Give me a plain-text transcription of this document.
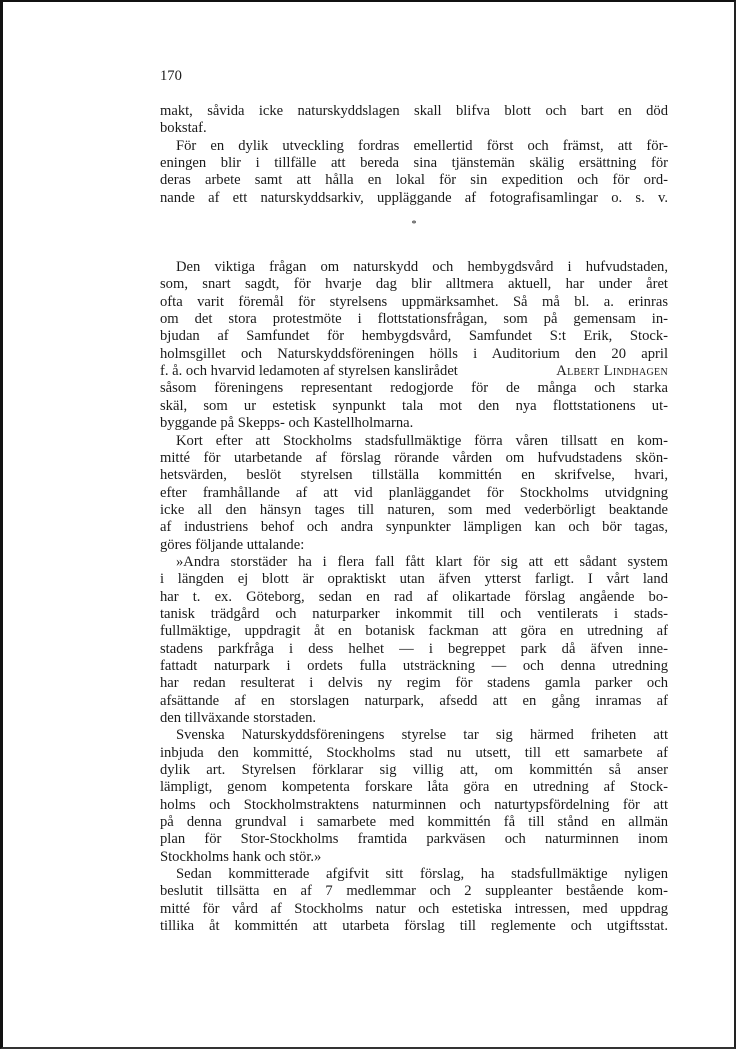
170
makt, såvida icke naturskyddslagen skall blifva blott och bart en död
bokstaf.
För en dylik utveckling fordras emellertid först och främst, att för-
eningen blir i tillfälle att bereda sina tjänstemän skälig ersättning för
deras arbete samt att hålla en lokal för sin expedition och för ord-
nande af ett naturskyddsarkiv, uppläggande af fotografisamlingar o. s. v.
*
Den viktiga frågan om naturskydd och hembygdsvård i hufvudstaden,
som, snart sagdt, för hvarje dag blir alltmera aktuell, har under året
ofta varit föremål för styrelsens uppmärksamhet. Så må bl. a. erinras
om det stora protestmöte i flottstationsfrågan, som på gemensam in-
bjudan af Samfundet för hembygdsvård, Samfundet S:t Erik, Stock-
holmsgillet och Naturskyddsföreningen hölls i Auditorium den 20 april
f. å. och hvarvid ledamoten af styrelsen kanslirådet	Albert Lindhagen
såsom föreningens representant redogjorde för de många och starka
skäl, som ur estetisk synpunkt tala mot den nya flottstationens ut-
byggande på Skepps- och Kastellholmarna.
Kort efter att Stockholms stadsfullmäktige förra våren tillsatt en kom-
mitté för utarbetande af förslag rörande vården om hufvudstadens skön-
hetsvärden, beslöt styrelsen tillställa kommittén en skrifvelse, hvari,
efter framhållande af att vid planläggandet för Stockholms utvidgning
icke all den hänsyn tages till naturen, som med vederbörligt beaktande
af industriens behof och andra synpunkter lämpligen kan och bör tagas,
göres följande uttalande:
»Andra storstäder ha i flera fall fått klart för sig att ett sådant system
i längden ej blott är opraktiskt utan äfven ytterst farligt. I vårt land
har t. ex. Göteborg, sedan en rad af olikartade förslag angående bo-
tanisk trädgård och naturparker inkommit till och ventilerats i stads-
fullmäktige, uppdragit åt en botanisk fackman att göra en utredning af
stadens parkfråga i dess helhet — i begreppet park då äfven inne-
fattadt naturpark i ordets fulla utsträckning — och denna utredning
har redan resulterat i delvis ny regim för stadens gamla parker och
afsättande af en storslagen naturpark, afsedd att en gång inramas af
den tillväxande storstaden.
Svenska Naturskyddsföreningens styrelse tar sig härmed friheten att
inbjuda den kommitté, Stockholms stad nu utsett, till ett samarbete af
dylik art. Styrelsen förklarar sig villig att, om kommittén så anser
lämpligt, genom kompetenta forskare låta göra en utredning af Stock-
holms och Stockholmstraktens naturminnen och naturtypsfördelning för att
på denna grundval i samarbete med kommittén få till stånd en allmän
plan för Stor-Stockholms framtida parkväsen och naturminnen inom
Stockholms hank och stör.»
Sedan kommitterade afgifvit sitt förslag, ha stadsfullmäktige nyligen
beslutit tillsätta en af 7 medlemmar och 2 suppleanter bestående kom-
mitté för vård af Stockholms natur och estetiska intressen, med uppdrag
tillika åt kommittén att utarbeta förslag till reglemente och utgiftsstat.
